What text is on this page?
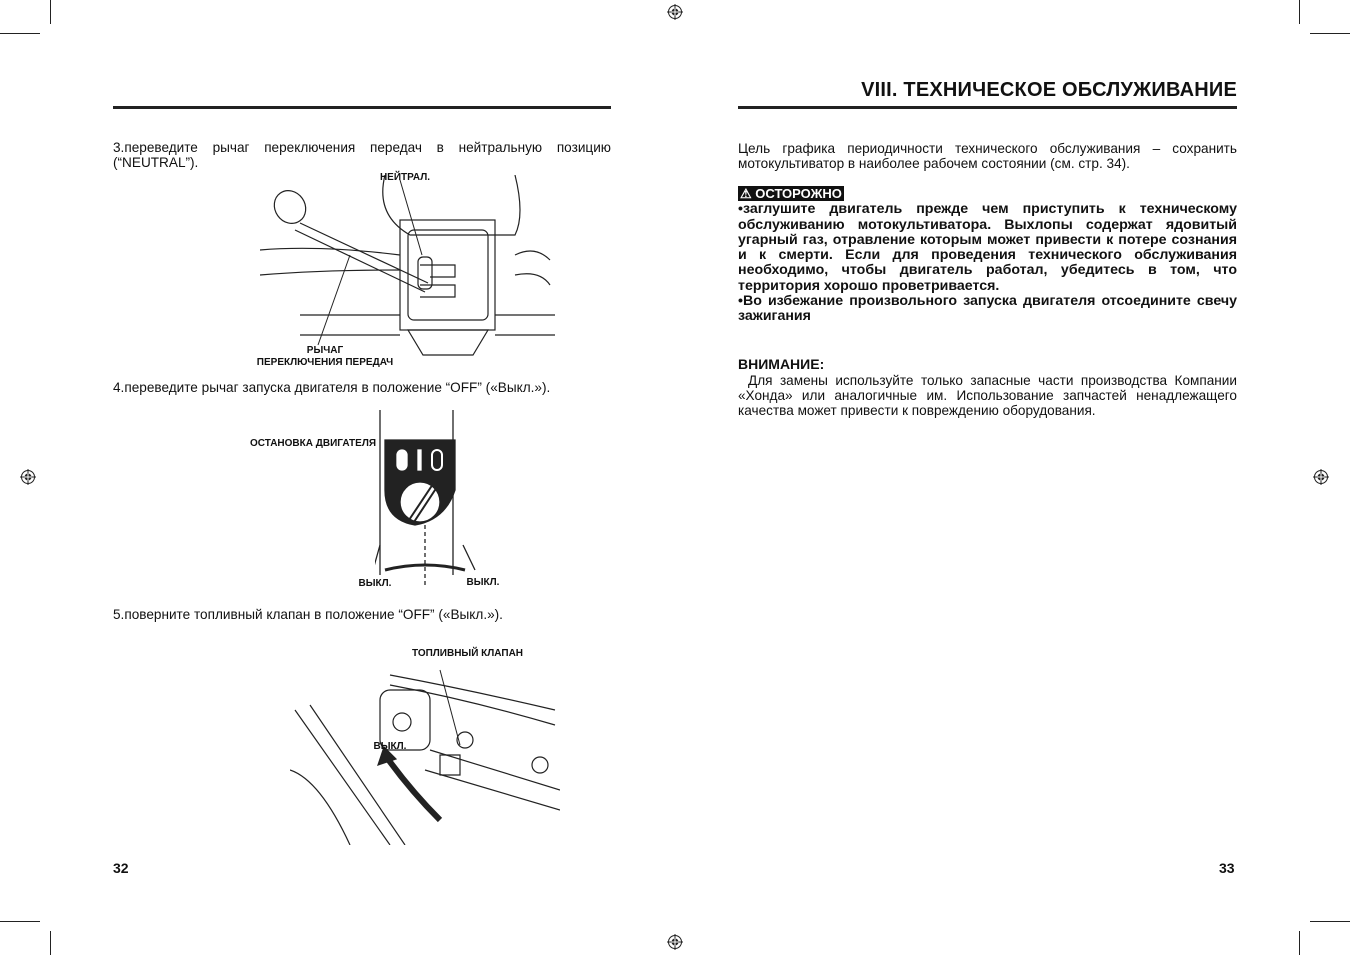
3.переведите рычаг переключения передач в нейтральную позицию (“NEUTRAL”).
НЕЙТРАЛ.
РЫЧАГ
ПЕРЕКЛЮЧЕНИЯ ПЕРЕДАЧ
4.переведите рычаг запуска двигателя в положение “OFF” («Выкл.»).
ОСТАНОВКА ДВИГАТЕЛЯ
ВЫКЛ.	ВЫКЛ.
5.поверните топливный клапан в положение “OFF” («Выкл.»).
ТОПЛИВНЫЙ КЛАПАН
ВЫКЛ.
32
VIII. ТЕХНИЧЕСКОЕ ОБСЛУЖИВАНИЕ
Цель графика периодичности технического обслуживания – сохранить мотокультиватор в наиболее рабочем состоянии (см. стр. 34).
⚠ ОСТОРОЖНО
•заглушите двигатель прежде чем приступить к техническому обслуживанию мотокультиватора. Выхлопы содержат ядовитый угарный газ, отравление которым может привести к потере сознания и к смерти. Если для проведения технического обслуживания необходимо, чтобы двигатель работал, убедитесь в том, что территория хорошо проветривается.
•Во избежание произвольного запуска двигателя отсоедините свечу зажигания
ВНИМАНИЕ:
Для замены используйте только запасные части производства Компании «Хонда» или аналогичные им. Использование запчастей ненадлежащего качества может привести к повреждению оборудования.
33
